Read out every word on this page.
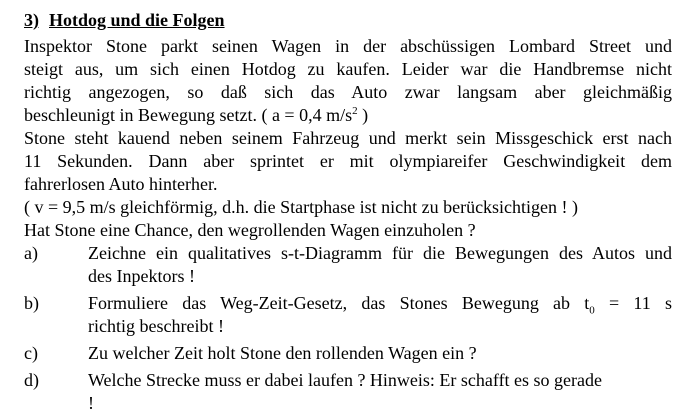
3) Hotdog und die Folgen
Inspektor Stone parkt seinen Wagen in der abschüssigen Lombard Street und
steigt aus, um sich einen Hotdog zu kaufen. Leider war die Handbremse nicht
richtig angezogen, so daß sich das Auto zwar langsam aber gleichmäßig
beschleunigt in Bewegung setzt. ( a = 0,4 $m/s^2$ )
Stone steht kauend neben seinem Fahrzeug und merkt sein Missgeschick erst nach
11 Sekunden. Dann aber sprintet er mit olympiareifer Geschwindigkeit dem
fahrerlosen Auto hinterher.
( v = 9,5 m/s gleichförmig, d.h. die Startphase ist nicht zu berücksichtigen ! )
Hat Stone eine Chance, den wegrollenden Wagen einzuholen ?
a)	Zeichne ein qualitatives s-t-Diagramm für die Bewegungen des Autos und
des Inpektors !
b)	Formuliere das Weg-Zeit-Gesetz, das Stones Bewegung ab $t_0 = 11$ s
richtig beschreibt !
c)	Zu welcher Zeit holt Stone den rollenden Wagen ein ?
d)	Welche Strecke muss er dabei laufen ? Hinweis: Er schafft es so gerade
!
